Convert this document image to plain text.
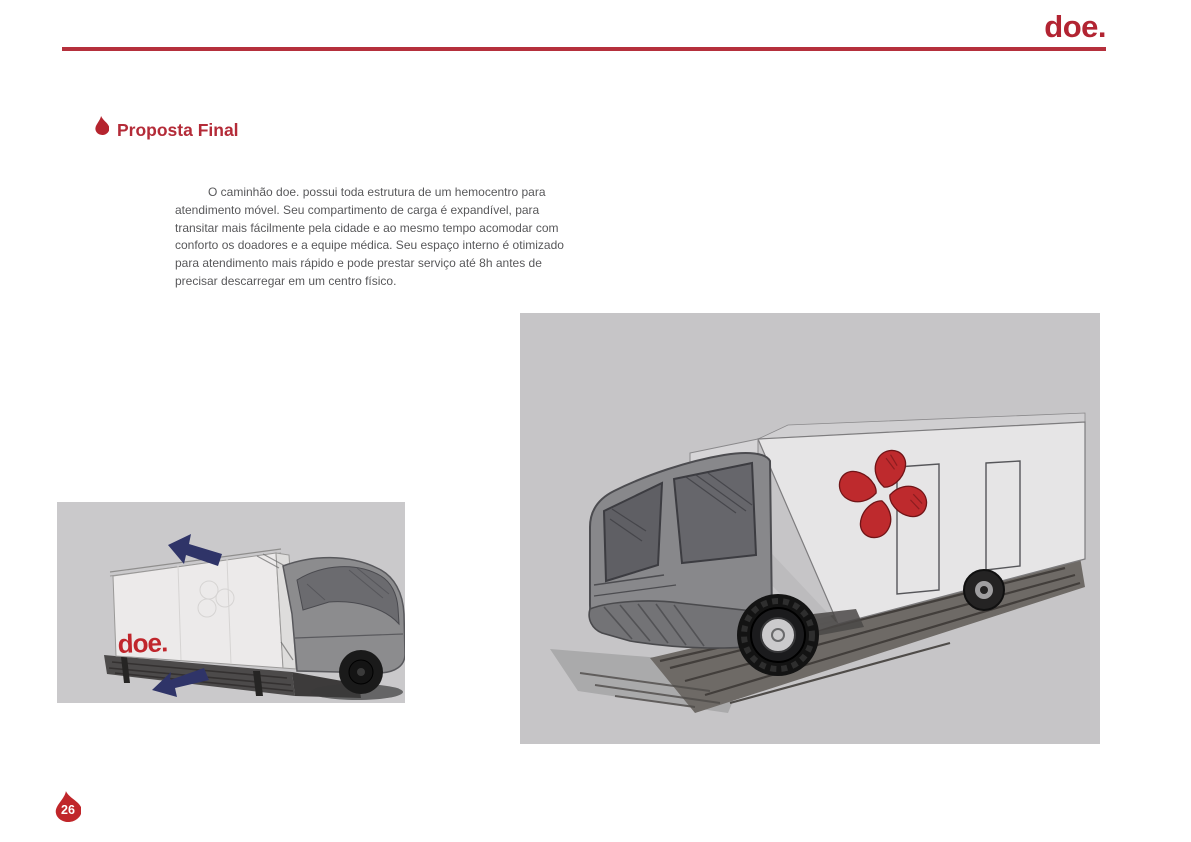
doe.
Proposta Final

O caminhão doe. possui toda estrutura de um hemocentro para atendimento móvel. Seu compartimento de carga é expandível, para transitar mais fácilmente pela cidade e ao mesmo tempo acomodar com conforto os doadores e a equipe médica. Seu espaço interno é otimizado para atendimento mais rápido e pode prestar serviço até 8h antes de precisar descarregar em um centro físico.

doe.
26
